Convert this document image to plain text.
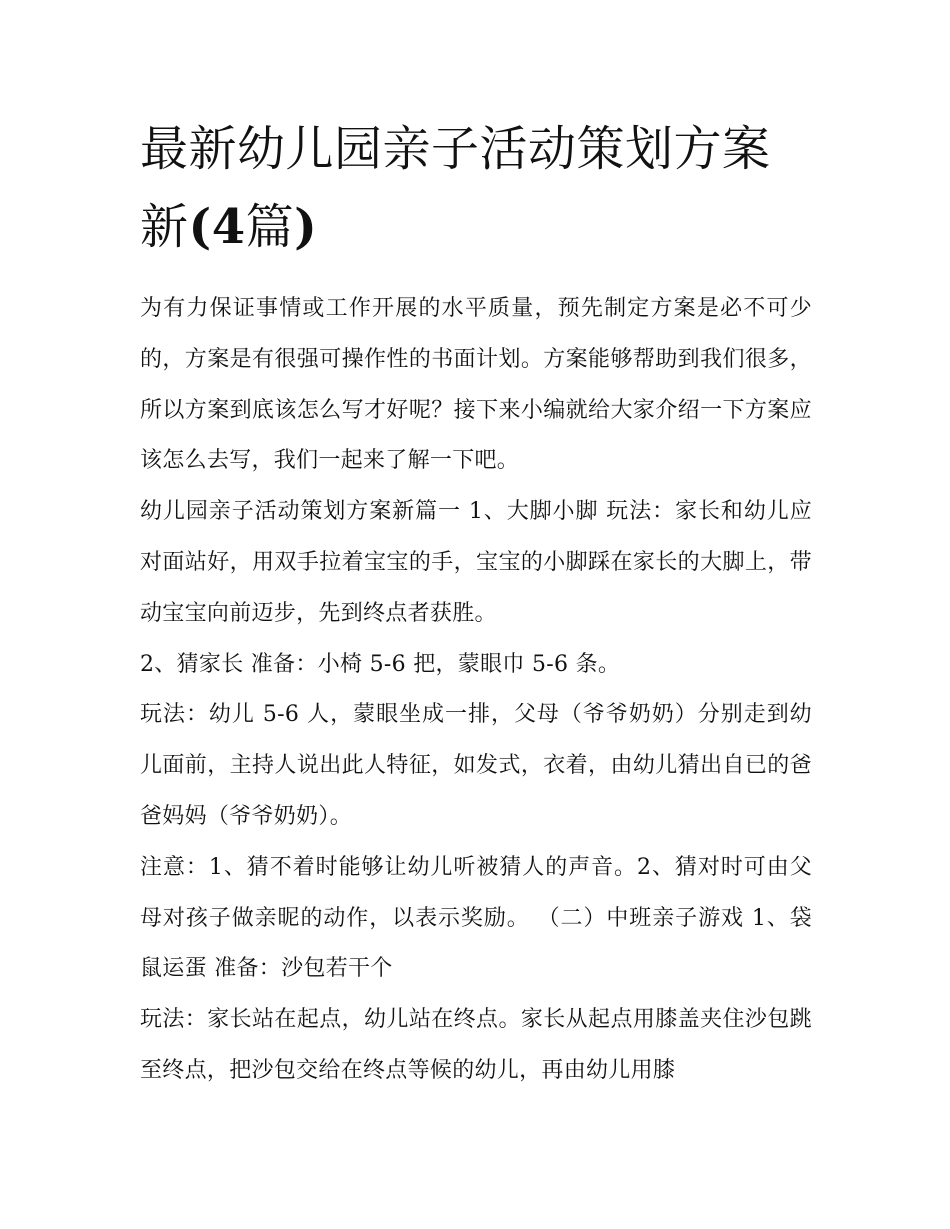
最新幼儿园亲子活动策划方案
新(4篇)

为有力保证事情或工作开展的水平质量，预先制定方案是必不可少的，方案是有很强可操作性的书面计划。方案能够帮助到我们很多，所以方案到底该怎么写才好呢？接下来小编就给大家介绍一下方案应该怎么去写，我们一起来了解一下吧。

幼儿园亲子活动策划方案新篇一 1、大脚小脚 玩法：家长和幼儿应对面站好，用双手拉着宝宝的手，宝宝的小脚踩在家长的大脚上，带动宝宝向前迈步，先到终点者获胜。

2、猜家长 准备：小椅 5-6 把，蒙眼巾 5-6 条。

玩法：幼儿 5-6 人，蒙眼坐成一排，父母（爷爷奶奶）分别走到幼儿面前，主持人说出此人特征，如发式，衣着，由幼儿猜出自已的爸爸妈妈（爷爷奶奶）。

注意：1、猜不着时能够让幼儿听被猜人的声音。2、猜对时可由父母对孩子做亲昵的动作，以表示奖励。 （二）中班亲子游戏 1、袋鼠运蛋 准备：沙包若干个

玩法：家长站在起点，幼儿站在终点。家长从起点用膝盖夹住沙包跳至终点，把沙包交给在终点等候的幼儿，再由幼儿用膝
